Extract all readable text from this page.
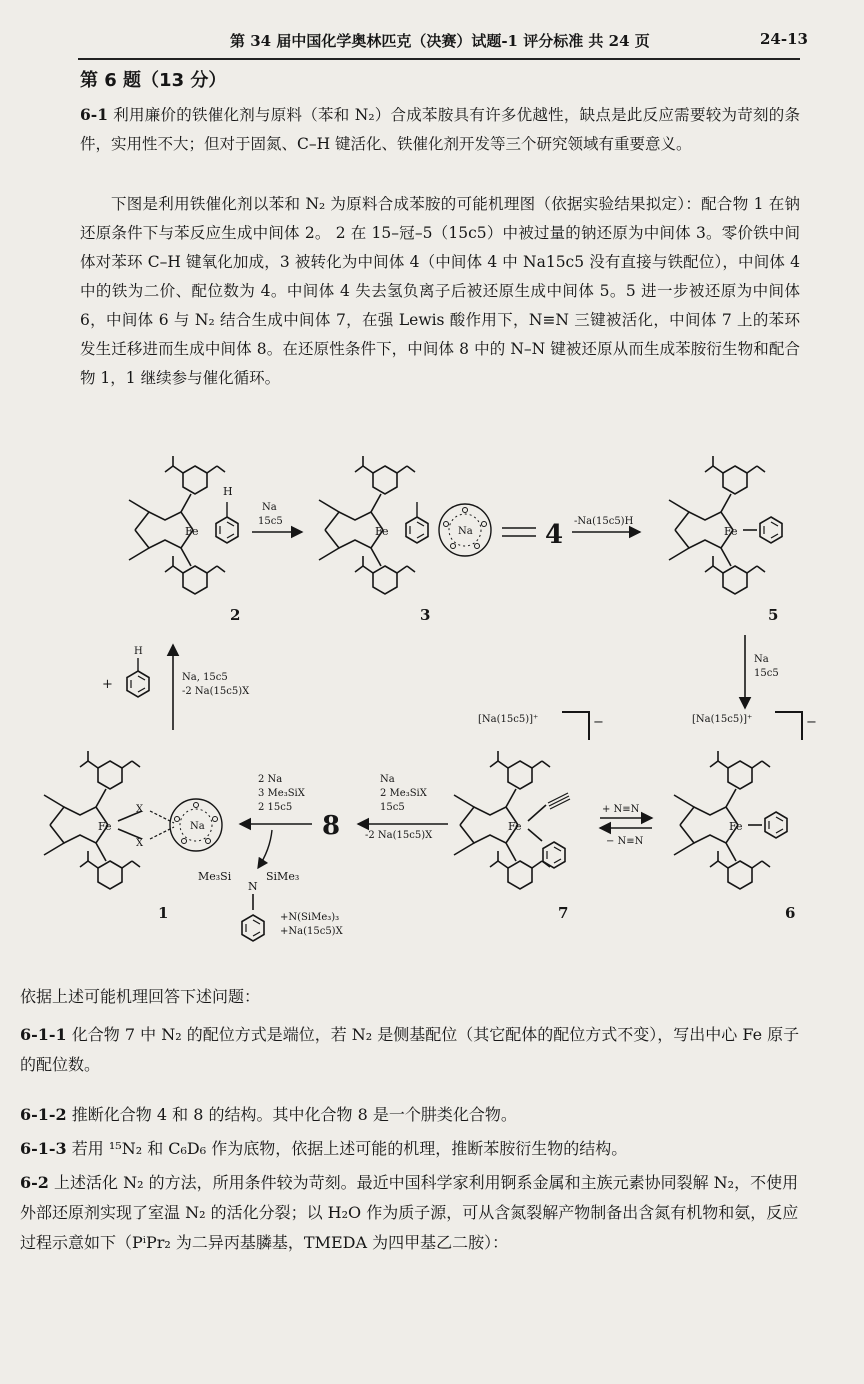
第 34 届中国化学奥林匹克（决赛）试题-1 评分标准 共 24 页	24-13
第 6 题（13 分）
6-1 利用廉价的铁催化剂与原料（苯和 N₂）合成苯胺具有许多优越性，缺点是此反应需要较为苛刻的条件，实用性不大；但对于固氮、C–H 键活化、铁催化剂开发等三个研究领域有重要意义。
下图是利用铁催化剂以苯和 N₂ 为原料合成苯胺的可能机理图（依据实验结果拟定）：配合物 1 在钠还原条件下与苯反应生成中间体 2。 2 在 15–冠–5（15c5）中被过量的钠还原为中间体 3。零价铁中间体对苯环 C–H 键氧化加成，3 被转化为中间体 4（中间体 4 中 Na15c5 没有直接与铁配位），中间体 4 中的铁为二价、配位数为 4。中间体 4 失去氢负离子后被还原生成中间体 5。5 进一步被还原为中间体 6，中间体 6 与 N₂ 结合生成中间体 7，在强 Lewis 酸作用下，N≡N 三键被活化，中间体 7 上的苯环发生迁移进而生成中间体 8。在还原性条件下，中间体 8 中的 N–N 键被还原从而生成苯胺衍生物和配合物 1，1 继续参与催化循环。
Fe
H
2
Na
15c5
Fe	Na
3
4 -Na(15c5)H
Fe
5
Na
15c5
[Na(15c5)]⁺	−
Fe
6
+ N≡N
− N≡N
[Na(15c5)]⁺	−
Fe
7
Na
2 Me₃SiX
15c5
-2 Na(15c5)X
8
2 Na
3 Me₃SiX
2 15c5
Me₃Si
N
SiMe₃
+N(SiMe₃)₃
+Na(15c5)X
Fe
X
X
Na
1
+
H
Na, 15c5
-2 Na(15c5)X
依据上述可能机理回答下述问题：
6-1-1 化合物 7 中 N₂ 的配位方式是端位，若 N₂ 是侧基配位（其它配体的配位方式不变），写出中心 Fe 原子的配位数。
6-1-2 推断化合物 4 和 8 的结构。其中化合物 8 是一个肼类化合物。
6-1-3 若用 ¹⁵N₂ 和 C₆D₆ 作为底物，依据上述可能的机理，推断苯胺衍生物的结构。
6-2 上述活化 N₂ 的方法，所用条件较为苛刻。最近中国科学家利用锕系金属和主族元素协同裂解 N₂，不使用外部还原剂实现了室温 N₂ 的活化分裂；以 H₂O 作为质子源，可从含氮裂解产物制备出含氮有机物和氨，反应过程示意如下（PⁱPr₂ 为二异丙基膦基，TMEDA 为四甲基乙二胺）：
